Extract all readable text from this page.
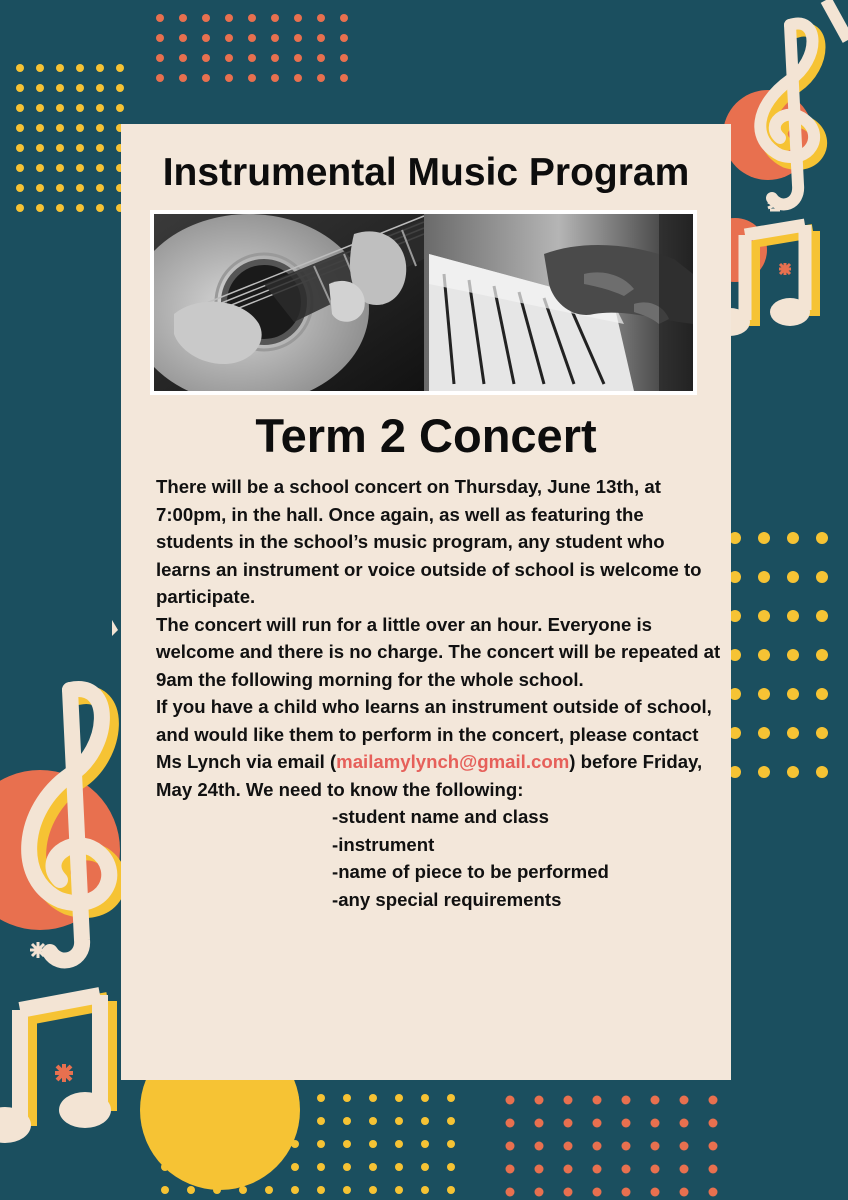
Instrumental Music Program
Term 2 Concert

There will be a school concert on Thursday, June 13th, at 7:00pm, in the hall. Once again, as well as featuring the students in the school’s music program, any student who learns an instrument or voice outside of school is welcome to participate.

The concert will run for a little over an hour. Everyone is welcome and there is no charge. The concert will be repeated at 9am the following morning for the whole school.

If you have a child who learns an instrument outside of school, and would like them to perform in the concert, please contact Ms Lynch via email (mailamylynch@gmail.com) before Friday, May 24th. We need to know the following:

-student name and class
-instrument
-name of piece to be performed
-any special requirements
